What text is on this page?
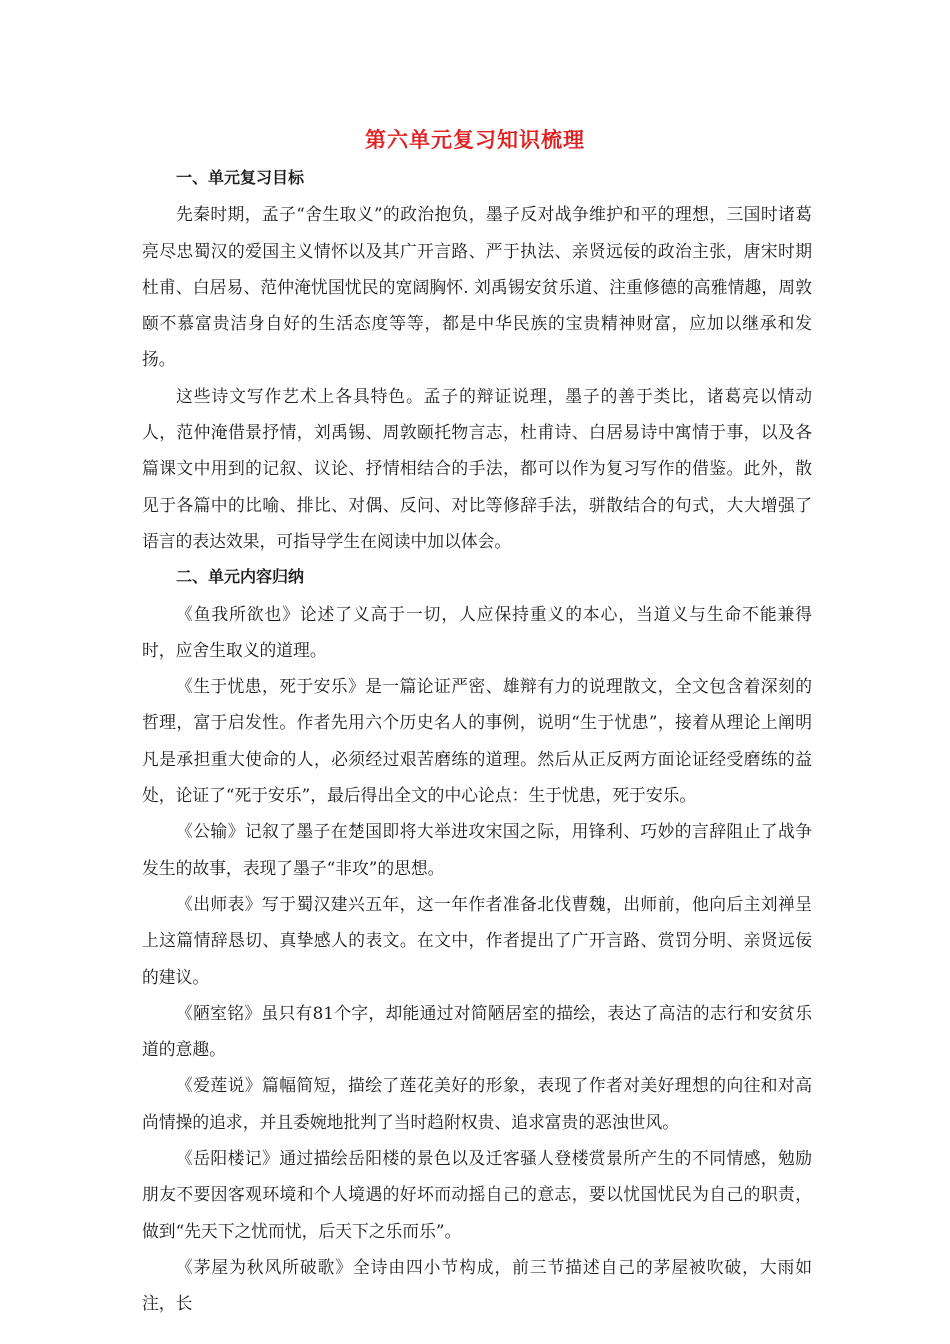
第六单元复习知识梳理

一、单元复习目标

先秦时期，孟子“舍生取义”的政治抱负，墨子反对战争维护和平的理想，三国时诸葛亮尽忠蜀汉的爱国主义情怀以及其广开言路、严于执法、亲贤远佞的政治主张，唐宋时期杜甫、白居易、范仲淹忧国忧民的宽阔胸怀. 刘禹锡安贫乐道、注重修德的高雅情趣，周敦颐不慕富贵洁身自好的生活态度等等，都是中华民族的宝贵精神财富，应加以继承和发扬。

这些诗文写作艺术上各具特色。孟子的辩证说理，墨子的善于类比，诸葛亮以情动人，范仲淹借景抒情，刘禹锡、周敦颐托物言志，杜甫诗、白居易诗中寓情于事，以及各篇课文中用到的记叙、议论、抒情相结合的手法，都可以作为复习写作的借鉴。此外，散见于各篇中的比喻、排比、对偶、反问、对比等修辞手法，骈散结合的句式，大大增强了语言的表达效果，可指导学生在阅读中加以体会。

二、单元内容归纳

《鱼我所欲也》论述了义高于一切，人应保持重义的本心，当道义与生命不能兼得时，应舍生取义的道理。

《生于忧患，死于安乐》是一篇论证严密、雄辩有力的说理散文，全文包含着深刻的哲理，富于启发性。作者先用六个历史名人的事例，说明“生于忧患”，接着从理论上阐明凡是承担重大使命的人，必须经过艰苦磨练的道理。然后从正反两方面论证经受磨练的益处，论证了“死于安乐”，最后得出全文的中心论点：生于忧患，死于安乐。

《公输》记叙了墨子在楚国即将大举进攻宋国之际，用锋利、巧妙的言辞阻止了战争发生的故事，表现了墨子“非攻”的思想。

《出师表》写于蜀汉建兴五年，这一年作者准备北伐曹魏，出师前，他向后主刘禅呈上这篇情辞恳切、真挚感人的表文。在文中，作者提出了广开言路、赏罚分明、亲贤远佞的建议。

《陋室铭》虽只有81个字，却能通过对简陋居室的描绘，表达了高洁的志行和安贫乐道的意趣。

《爱莲说》篇幅简短，描绘了莲花美好的形象，表现了作者对美好理想的向往和对高尚情操的追求，并且委婉地批判了当时趋附权贵、追求富贵的恶浊世风。

《岳阳楼记》通过描绘岳阳楼的景色以及迁客骚人登楼赏景所产生的不同情感，勉励朋友不要因客观环境和个人境遇的好坏而动摇自己的意志，要以忧国忧民为自己的职责，做到“先天下之忧而忧，后天下之乐而乐”。

《茅屋为秋风所破歌》全诗由四小节构成，前三节描述自己的茅屋被吹破，大雨如注，长
